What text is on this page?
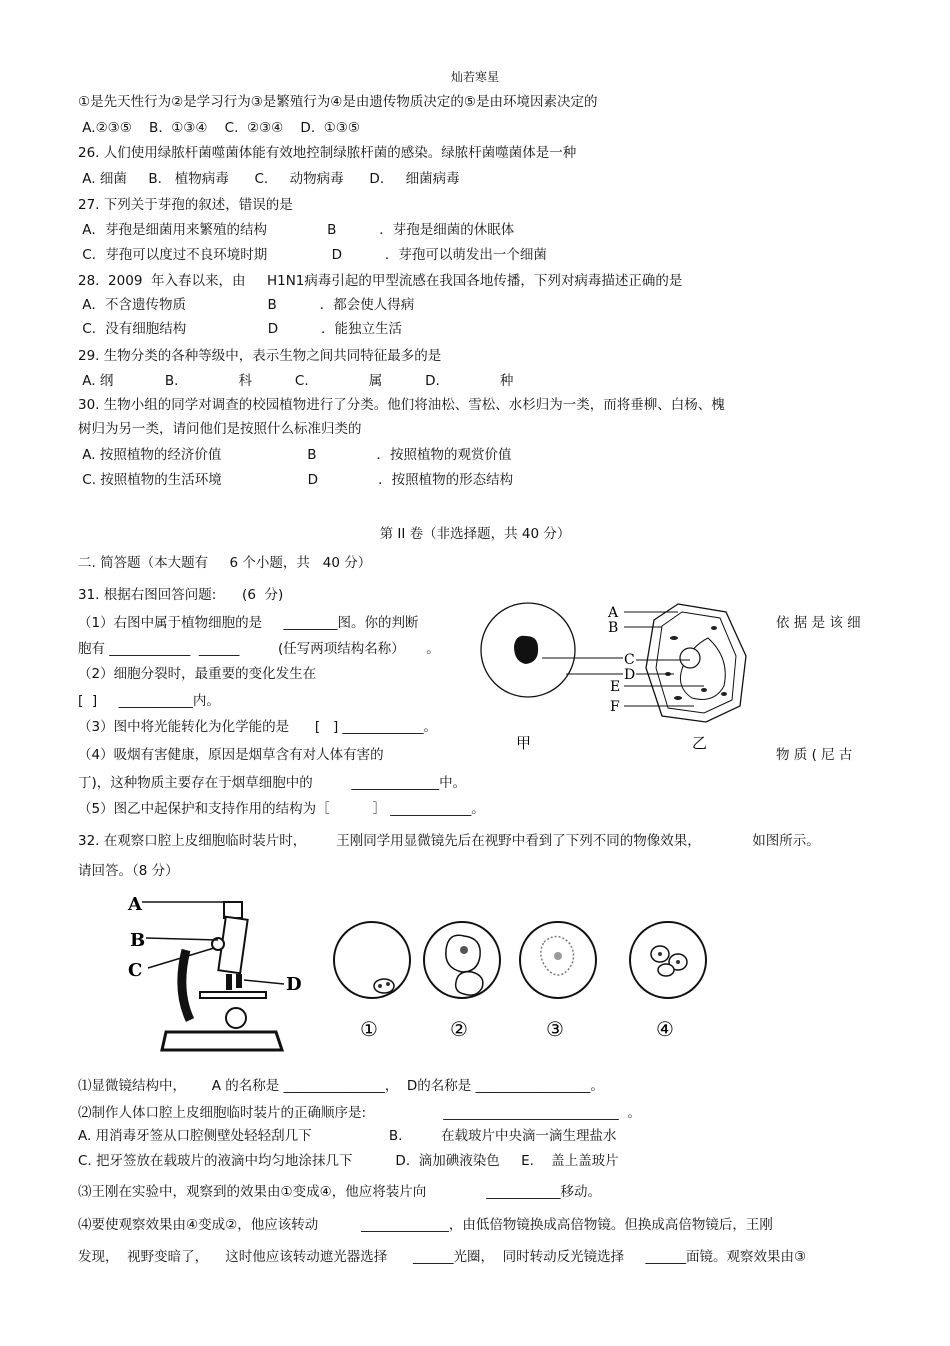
灿若寒星
①是先天性行为②是学习行为③是繁殖行为④是由遗传物质决定的⑤是由环境因素决定的
A.②③⑤    B.  ①③④    C.  ②③④    D.  ①③⑤
26. 人们使用绿脓杆菌噬菌体能有效地控制绿脓杆菌的感染。绿脓杆菌噬菌体是一种
A. 细菌     B.   植物病毒      C.     动物病毒      D.     细菌病毒
27. 下列关于芽孢的叙述，错误的是
A．芽孢是细菌用来繁殖的结构              B          ．芽孢是细菌的休眠体
C．芽孢可以度过不良环境时期               D          ．芽孢可以萌发出一个细菌
28.  2009  年入春以来，由     H1N1病毒引起的甲型流感在我国各地传播，下列对病毒描述正确的是
A．不含遗传物质                   B          ．都会使人得病
C．没有细胞结构                   D          ．能独立生活
29. 生物分类的各种等级中，表示生物之间共同特征最多的是
A. 纲            B.              科          C.              属          D.              种
30. 生物小组的同学对调查的校园植物进行了分类。他们将油松、雪松、水杉归为一类，而将垂柳、白杨、槐
树归为另一类，请问他们是按照什么标准归类的
A. 按照植物的经济价值                    B              ．按照植物的观赏价值
C. 按照植物的生活环境                    D              ．按照植物的形态结构
第 II 卷（非选择题，共 40 分）
二. 简答题（本大题有     6 个小题，共   40 分）
31. 根据右图回答问题:      (6  分)
（1）右图中属于植物细胞的是     ________图。你的判断	依 据 是 该 细
胞有 ____________  ______         (任写两项结构名称）     。
（2）细胞分裂时，最重要的变化发生在
[  ]     ___________内。
（3）图中将光能转化为化学能的是      [   ] ____________。
（4）吸烟有害健康，原因是烟草含有对人体有害的	物 质 ( 尼 古
丁)，这种物质主要存在于烟草细胞中的         _____________中。
（5）图乙中起保护和支持作用的结构为［          ］ ____________。
A
B
C
D
E
F
甲	乙
32. 在观察口腔上皮细胞临时装片时，       王刚同学用显微镜先后在视野中看到了下列不同的物像效果，            如图所示。
请回答。（8 分）
A
B
C
D
①	②	③	④
⑴显微镜结构中，      A 的名称是 _______________，  D的名称是 _________________。
⑵制作人体口腔上皮细胞临时装片的正确顺序是:                  __________________________  。
A. 用消毒牙签从口腔侧壁处轻轻刮几下                  B.         在载玻片中央滴一滴生理盐水
C. 把牙签放在载玻片的液滴中均匀地涂抹几下          D.  滴加碘液染色     E.    盖上盖玻片
⑶王刚在实验中，观察到的效果由①变成④，他应将装片向              ___________移动。
⑷要使观察效果由④变成②，他应该转动          _____________，由低倍物镜换成高倍物镜。但换成高倍物镜后，王刚
发现，  视野变暗了，    这时他应该转动遮光器选择      ______光圈，  同时转动反光镜选择     ______面镜。观察效果由③
